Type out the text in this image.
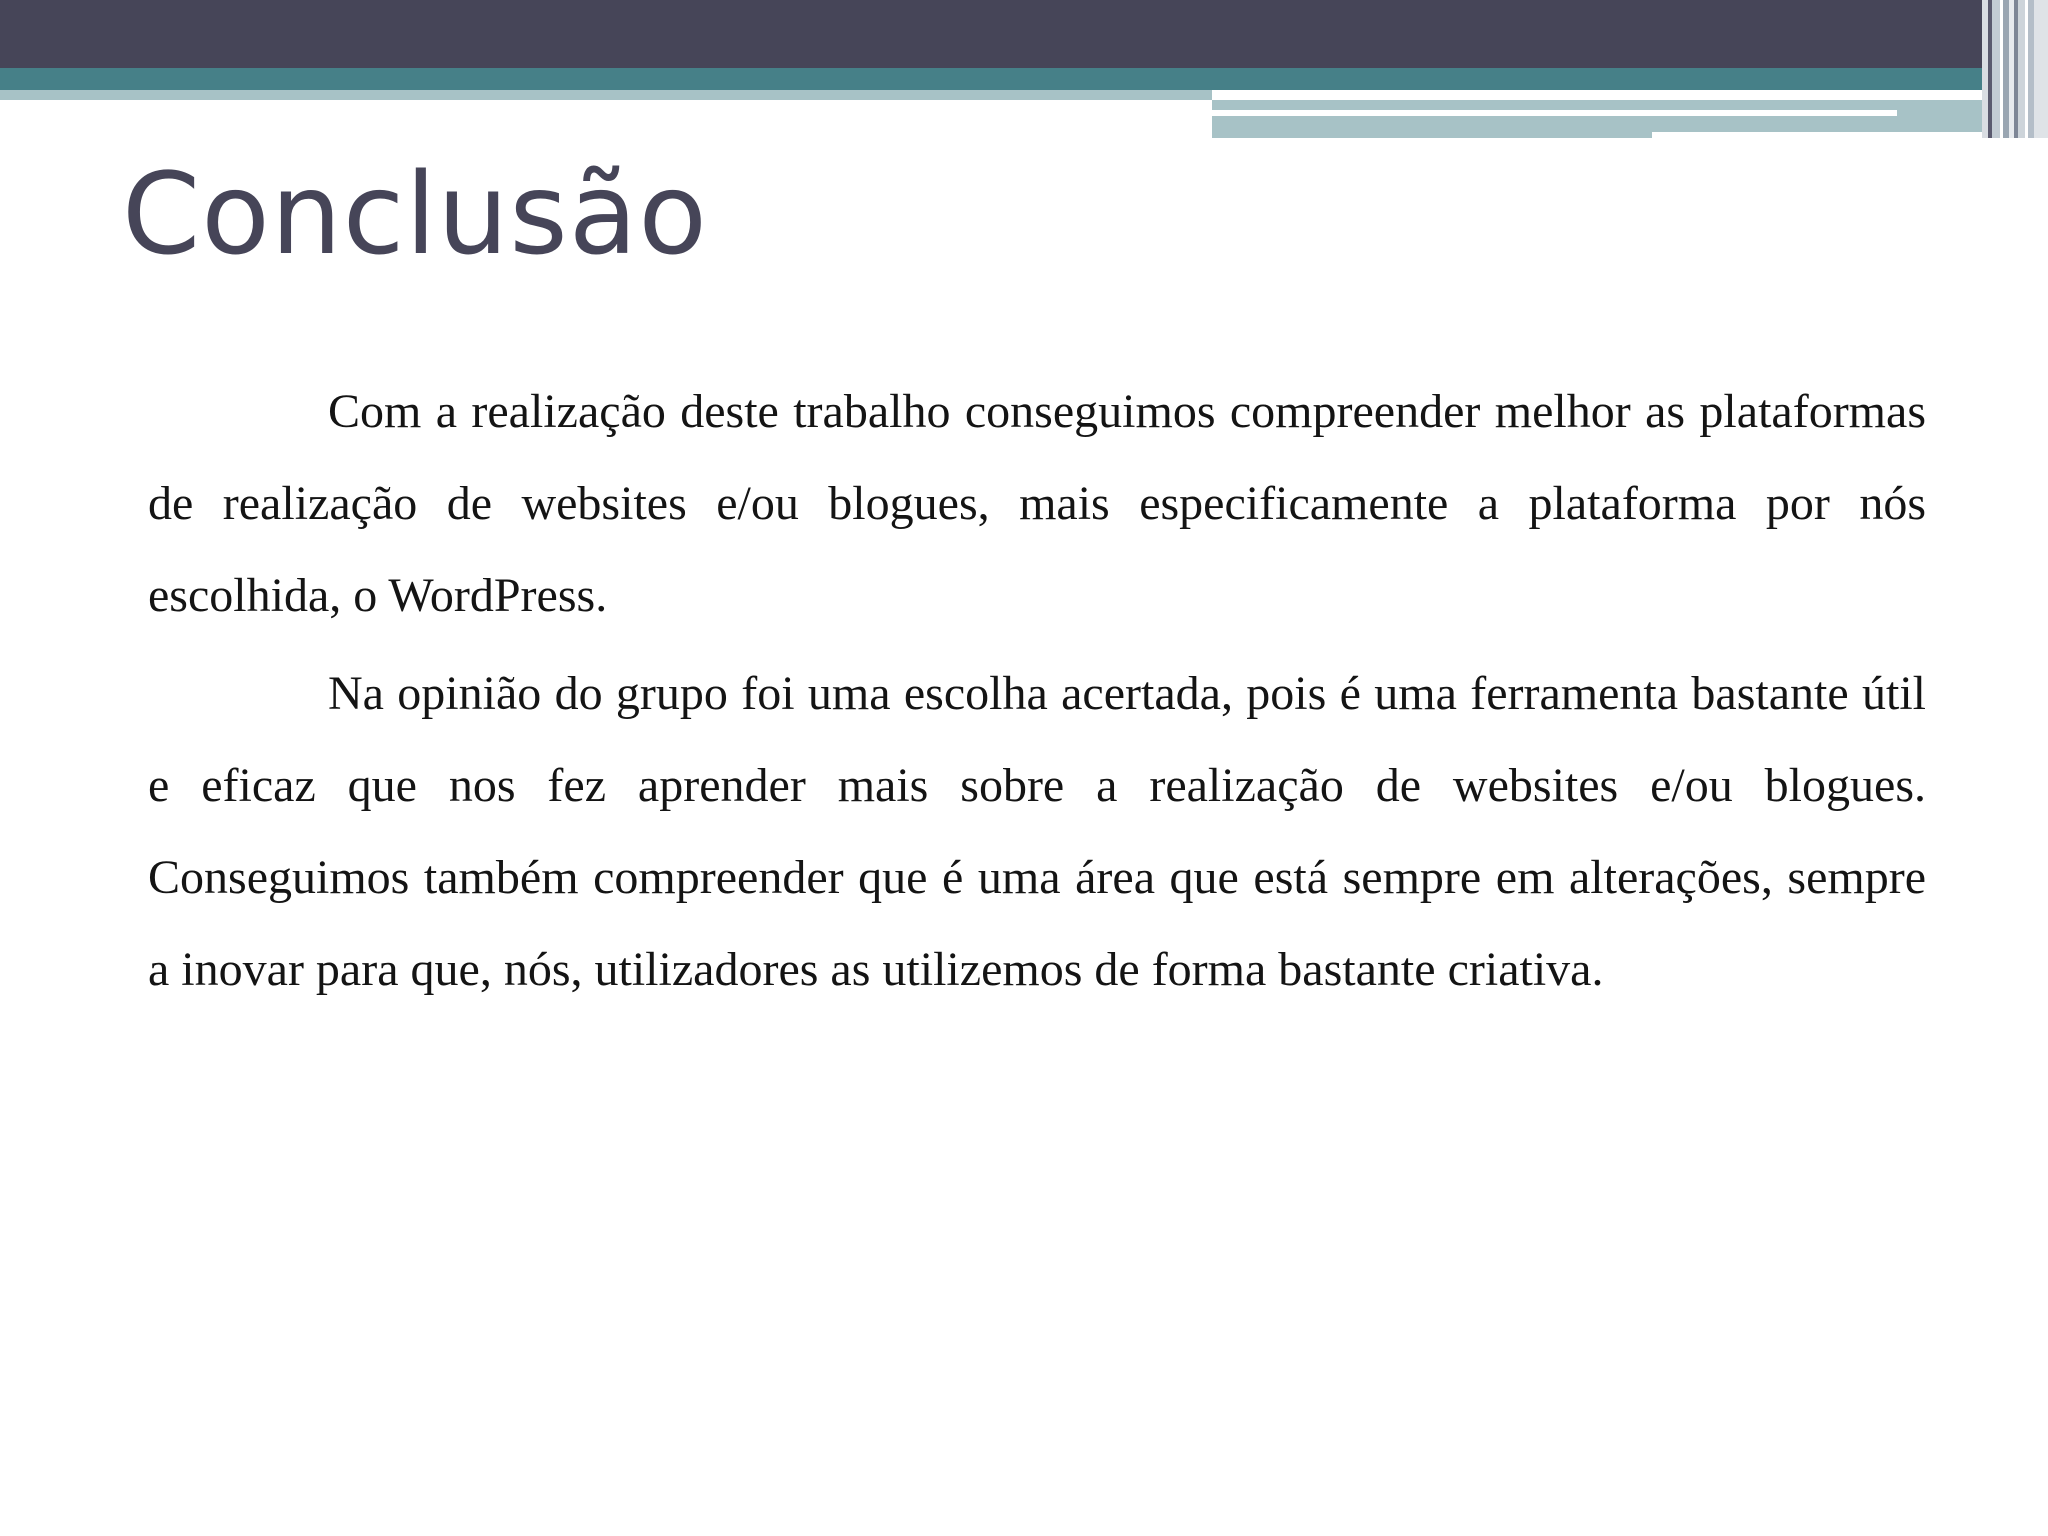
Conclusão

Com a realização deste trabalho conseguimos compreender melhor as plataformas de realização de websites e/ou blogues, mais especificamente a plataforma por nós escolhida, o WordPress.

Na opinião do grupo foi uma escolha acertada, pois é uma ferramenta bastante útil e eficaz que nos fez aprender mais sobre a realização de websites e/ou blogues. Conseguimos também compreender que é uma área que está sempre em alterações, sempre a inovar para que, nós, utilizadores as utilizemos de forma bastante criativa.
